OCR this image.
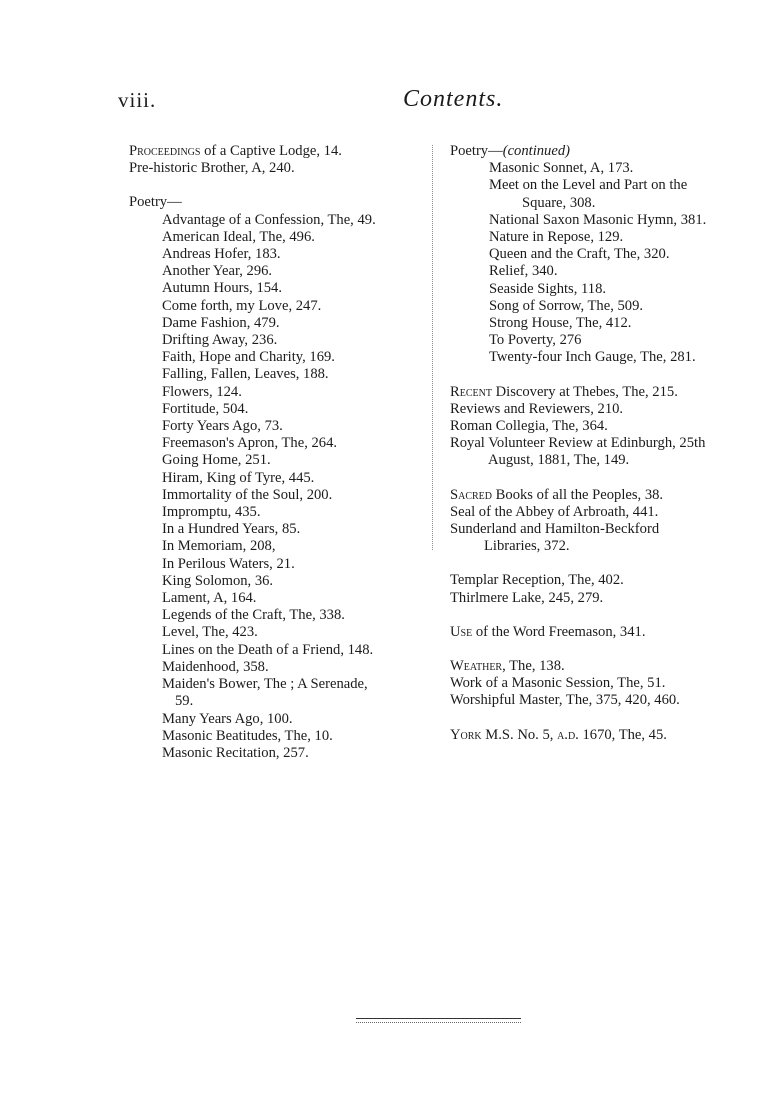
viii.	Contents.
Proceedings of a Captive Lodge, 14.
Pre-historic Brother, A, 240.
Poetry—
Advantage of a Confession, The, 49.
American Ideal, The, 496.
Andreas Hofer, 183.
Another Year, 296.
Autumn Hours, 154.
Come forth, my Love, 247.
Dame Fashion, 479.
Drifting Away, 236.
Faith, Hope and Charity, 169.
Falling, Fallen, Leaves, 188.
Flowers, 124.
Fortitude, 504.
Forty Years Ago, 73.
Freemason's Apron, The, 264.
Going Home, 251.
Hiram, King of Tyre, 445.
Immortality of the Soul, 200.
Impromptu, 435.
In a Hundred Years, 85.
In Memoriam, 208,
In Perilous Waters, 21.
King Solomon, 36.
Lament, A, 164.
Legends of the Craft, The, 338.
Level, The, 423.
Lines on the Death of a Friend, 148.
Maidenhood, 358.
Maiden's Bower, The ; A Serenade,
59.
Many Years Ago, 100.
Masonic Beatitudes, The, 10.
Masonic Recitation, 257.
Poetry—(continued)
Masonic Sonnet, A, 173.
Meet on the Level and Part on the
Square, 308.
National Saxon Masonic Hymn, 381.
Nature in Repose, 129.
Queen and the Craft, The, 320.
Relief, 340.
Seaside Sights, 118.
Song of Sorrow, The, 509.
Strong House, The, 412.
To Poverty, 276
Twenty-four Inch Gauge, The, 281.
Recent Discovery at Thebes, The, 215.
Reviews and Reviewers, 210.
Roman Collegia, The, 364.
Royal Volunteer Review at Edinburgh, 25th
August, 1881, The, 149.
Sacred Books of all the Peoples, 38.
Seal of the Abbey of Arbroath, 441.
Sunderland and Hamilton-Beckford
Libraries, 372.
Templar Reception, The, 402.
Thirlmere Lake, 245, 279.
Use of the Word Freemason, 341.
Weather, The, 138.
Work of a Masonic Session, The, 51.
Worshipful Master, The, 375, 420, 460.
York M.S. No. 5, a.d. 1670, The, 45.
